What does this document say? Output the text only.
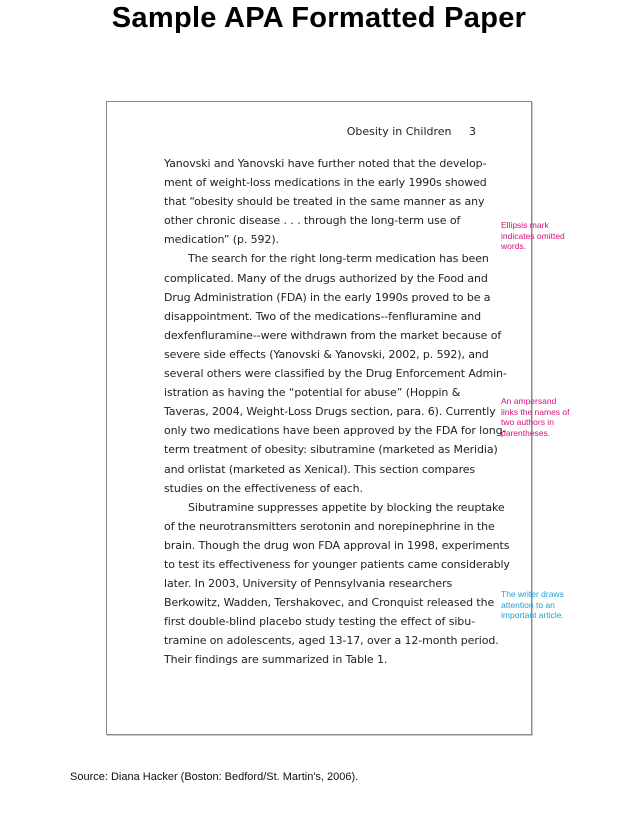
Sample APA Formatted Paper
Obesity in Children     3
Yanovski and Yanovski have further noted that the develop-
ment of weight-loss medications in the early 1990s showed
that “obesity should be treated in the same manner as any
other chronic disease . . . through the long-term use of
medication” (p. 592).
The search for the right long-term medication has been
complicated. Many of the drugs authorized by the Food and
Drug Administration (FDA) in the early 1990s proved to be a
disappointment. Two of the medications--fenfluramine and
dexfenfluramine--were withdrawn from the market because of
severe side effects (Yanovski & Yanovski, 2002, p. 592), and
several others were classified by the Drug Enforcement Admin-
istration as having the “potential for abuse” (Hoppin &
Taveras, 2004, Weight-Loss Drugs section, para. 6). Currently
only two medications have been approved by the FDA for long-
term treatment of obesity: sibutramine (marketed as Meridia)
and orlistat (marketed as Xenical). This section compares
studies on the effectiveness of each.
Sibutramine suppresses appetite by blocking the reuptake
of the neurotransmitters serotonin and norepinephrine in the
brain. Though the drug won FDA approval in 1998, experiments
to test its effectiveness for younger patients came considerably
later. In 2003, University of Pennsylvania researchers
Berkowitz, Wadden, Tershakovec, and Cronquist released the
first double-blind placebo study testing the effect of sibu-
tramine on adolescents, aged 13-17, over a 12-month period.
Their findings are summarized in Table 1.
Ellipsis mark
indicates omitted
words.
An ampersand
links the names of
two authors in
parentheses.
The writer draws
attention to an
important article.
Source: Diana Hacker (Boston: Bedford/St. Martin's, 2006).
